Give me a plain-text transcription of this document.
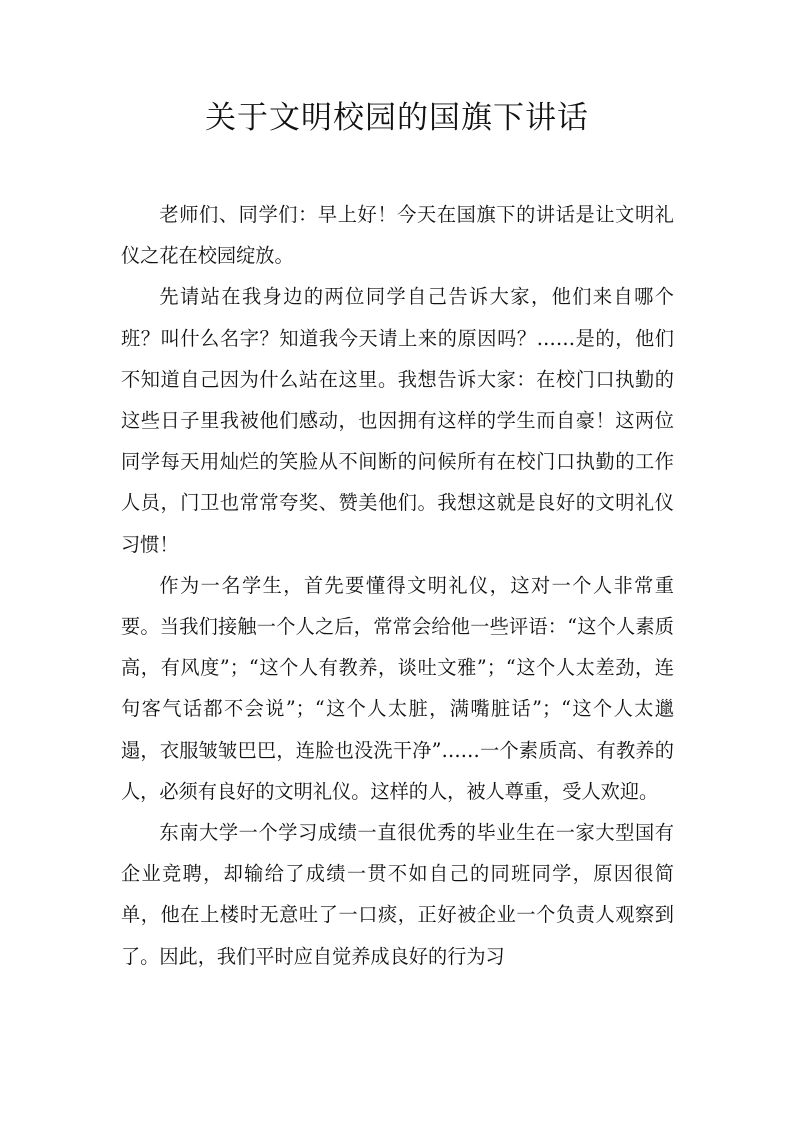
关于文明校园的国旗下讲话

老师们、同学们：早上好！今天在国旗下的讲话是让文明礼仪之花在校园绽放。

先请站在我身边的两位同学自己告诉大家，他们来自哪个班？叫什么名字？知道我今天请上来的原因吗？……是的，他们不知道自己因为什么站在这里。我想告诉大家：在校门口执勤的这些日子里我被他们感动，也因拥有这样的学生而自豪！这两位同学每天用灿烂的笑脸从不间断的问候所有在校门口执勤的工作人员，门卫也常常夸奖、赞美他们。我想这就是良好的文明礼仪习惯！

作为一名学生，首先要懂得文明礼仪，这对一个人非常重要。当我们接触一个人之后，常常会给他一些评语：“这个人素质高，有风度”；“这个人有教养，谈吐文雅”；“这个人太差劲，连句客气话都不会说”；“这个人太脏，满嘴脏话”；“这个人太邋遢，衣服皱皱巴巴，连脸也没洗干净”……一个素质高、有教养的人，必须有良好的文明礼仪。这样的人，被人尊重，受人欢迎。

东南大学一个学习成绩一直很优秀的毕业生在一家大型国有企业竞聘，却输给了成绩一贯不如自己的同班同学，原因很简单，他在上楼时无意吐了一口痰，正好被企业一个负责人观察到了。因此，我们平时应自觉养成良好的行为习
